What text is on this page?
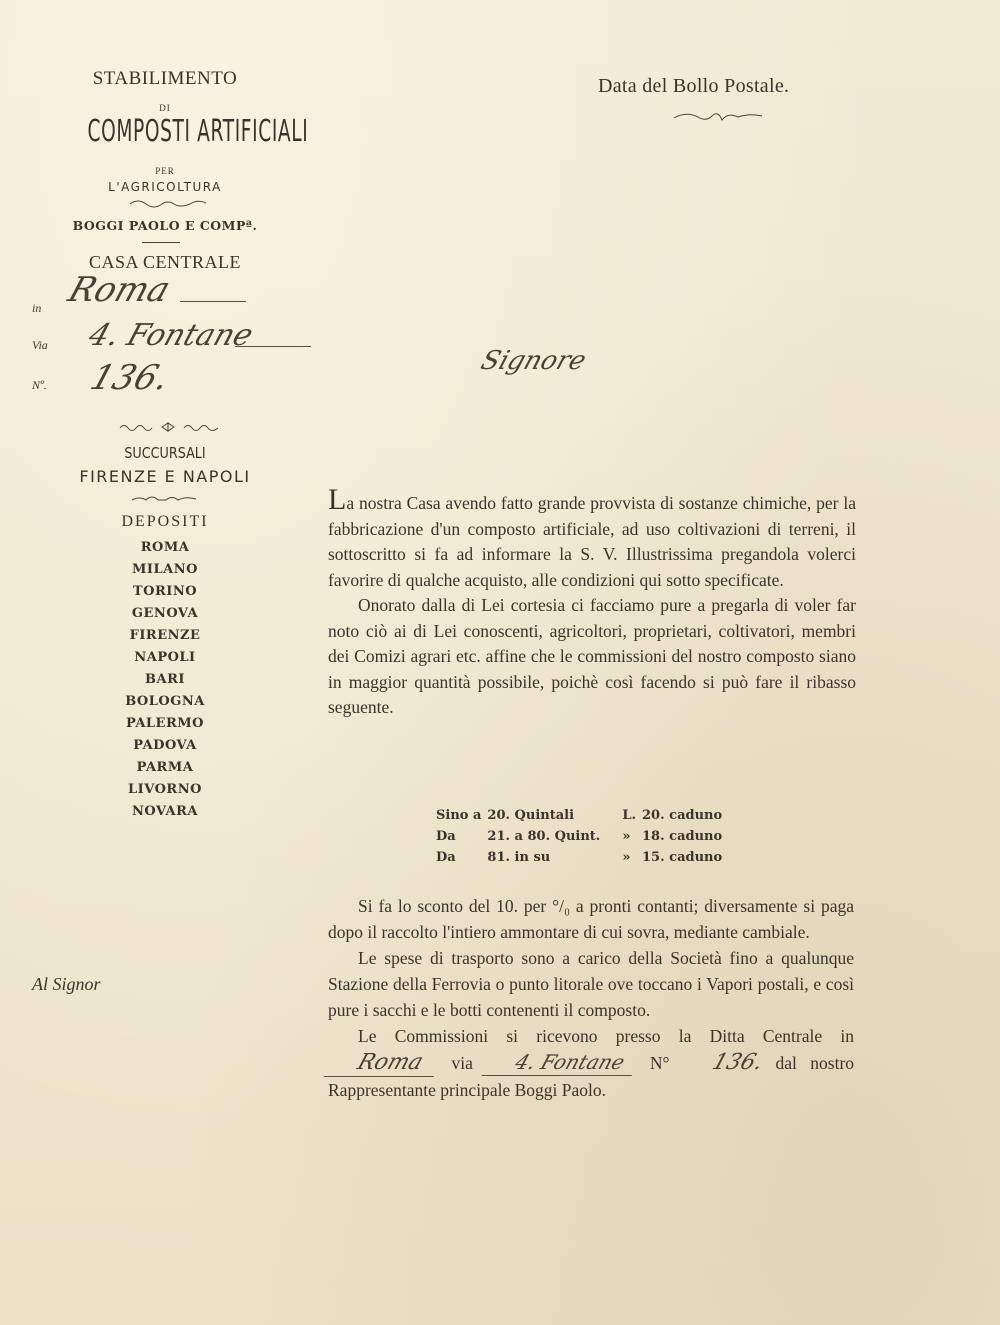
STABILIMENTO
DI
COMPOSTI ARTIFICIALI
PER
L'AGRICOLTURA
BOGGI PAOLO E COMPª.
CASA CENTRALE
in Roma
Via 4. Fontane
Nº. 136.
SUCCURSALI
FIRENZE E NAPOLI
DEPOSITI
ROMA
MILANO
TORINO
GENOVA
FIRENZE
NAPOLI
BARI
BOLOGNA
PALERMO
PADOVA
PARMA
LIVORNO
NOVARA
Al Signor
Data del Bollo Postale.
Signore

La nostra Casa avendo fatto grande provvista di sostanze chimiche, per la fabbricazione d'un composto artificiale, ad uso coltivazioni di terreni, il sottoscritto si fa ad informare la S. V. Illustrissima pregandola volerci favorire di qualche acquisto, alle condizioni qui sotto specificate.

Onorato dalla di Lei cortesia ci facciamo pure a pregarla di voler far noto ciò ai di Lei conoscenti, agricoltori, proprietari, coltivatori, membri dei Comizi agrari etc. affine che le commissioni del nostro composto siano in maggior quantità possibile, poichè così facendo si può fare il ribasso seguente.

Sino a	20. Quintali	L.	20. caduno
Da	21. a 80. Quint.	»	18. caduno
Da	81. in su	»	15. caduno

Si fa lo sconto del 10. per °/₀ a pronti contanti; diversamente si paga dopo il raccolto l'intiero ammontare di cui sovra, mediante cambiale.

Le spese di trasporto sono a carico della Società fino a qualunque Stazione della Ferrovia o punto litorale ove toccano i Vapori postali, e così pure i sacchi e le botti contenenti il composto.

Le Commissioni si ricevono presso la Ditta Centrale in Roma via 4. Fontane N° 136. dal nostro Rappresentante principale Boggi Paolo.
